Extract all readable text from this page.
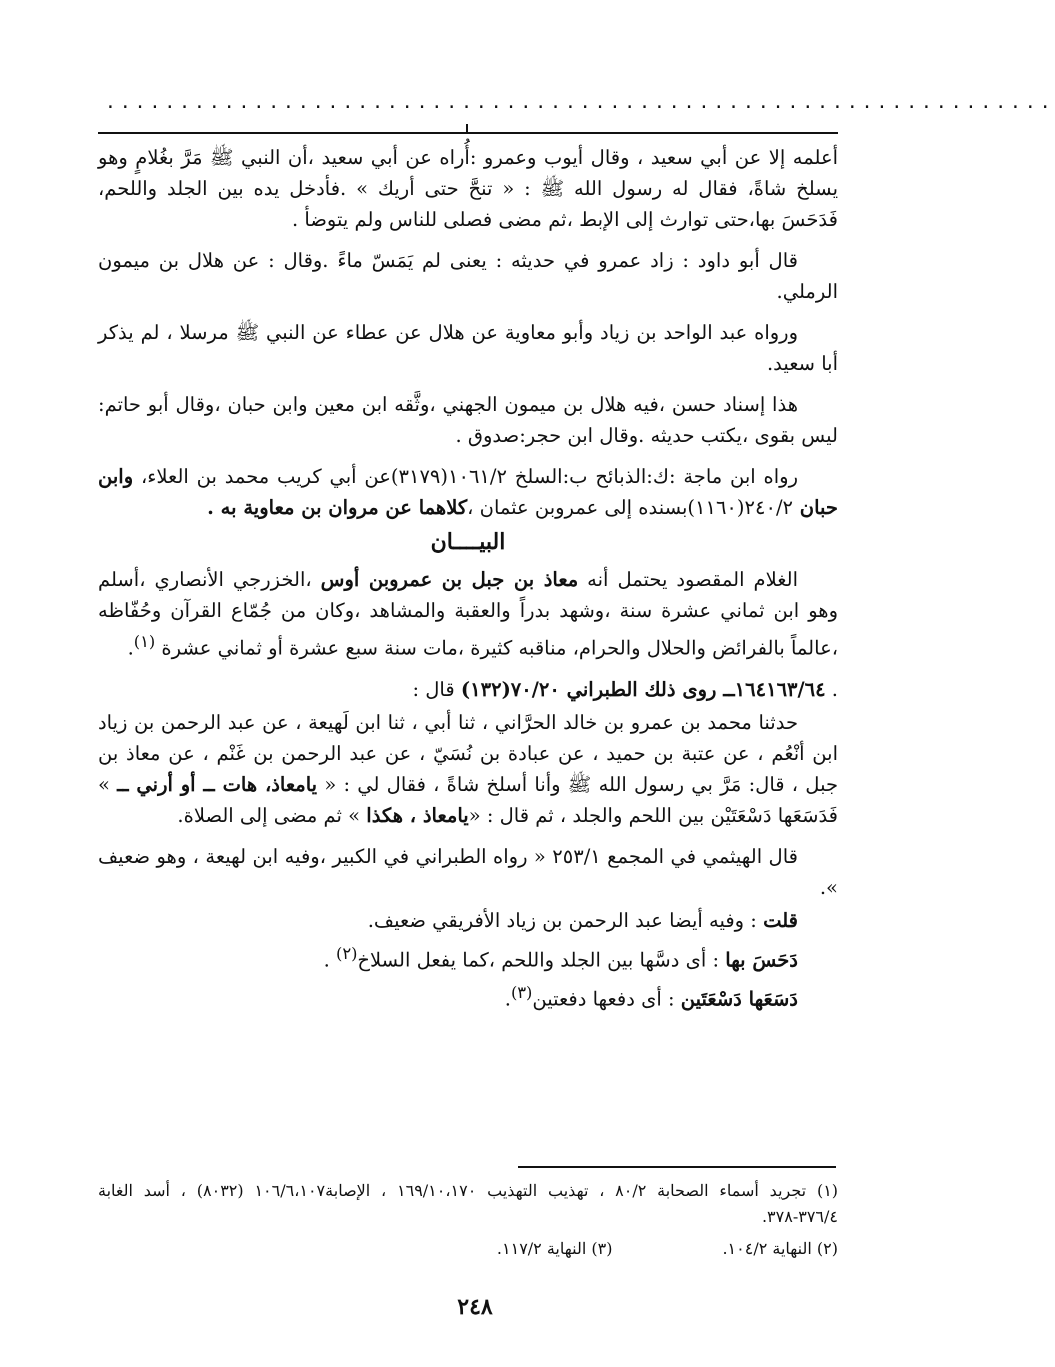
................................................................

أعلمه إلا عن أبي سعيد ، وقال أيوب وعمرو :أُراه عن أبي سعيد ،أن النبي ﷺ مَرَّ بغُلامٍ وهو يسلخ شاةً، فقال له رسول الله ﷺ : « تنحَّ حتى أريك » .فأدخل يده بين الجلد واللحم، فَدَحَسَ بها،حتى توارث إلى الإبط ،ثم مضى فصلى للناس ولم يتوضأ .

قال أبو داود : زاد عمرو في حديثه : يعنى لم يَمَسّ ماءً .وقال : عن هلال بن ميمون الرملي.

ورواه عبد الواحد بن زياد وأبو معاوية عن هلال عن عطاء عن النبي ﷺ مرسلا ، لم يذكر أبا سعيد.

هذا إسناد حسن ،فيه هلال بن ميمون الجهني ،وثَّقه ابن معين وابن حبان ،وقال أبو حاتم: ليس بقوى ،يكتب حديثه .وقال ابن حجر:صدوق .

رواه ابن ماجة :ك:الذبائح ب:السلخ ١٠٦١/٢(٣١٧٩)عن أبي كريب محمد بن العلاء، وابن حبان ٢٤٠/٢(١١٦٠)بسنده إلى عمروبن عثمان ،كلاهما عن مروان بن معاوية به .

البيــــان

الغلام المقصود يحتمل أنه معاذ بن جبل بن عمروبن أوس ،الخزرجي الأنصاري ،أسلم وهو ابن ثماني عشرة سنة ،وشهد بدراً والعقبة والمشاهد ،وكان من جُمّاع القرآن وحُفّاظه ،عالماً بالفرائض والحلال والحرام، مناقبه كثيرة ،مات سنة سبع عشرة أو ثماني عشرة $^{(١)}$.

. ١٦٤١٦٣/٦٤ــ روى ذلك الطبراني ٧٠/٢٠(١٣٢) قال :

حدثنا محمد بن عمرو بن خالد الحرَّاني ، ثنا أبي ، ثنا ابن لَهيعة ، عن عبد الرحمن بن زياد ابن أنْعُم ، عن عتبة بن حميد ، عن عبادة بن نُسَيّ ، عن عبد الرحمن بن غَنْم ، عن معاذ بن جبل ، قال: مَرَّ بي رسول الله ﷺ وأنا أسلخ شاةً ، فقال لي : « يامعاذ، هات ــ أو أرني ــ » فَدَسَعَها دَسْعَتَيْن بين اللحم والجلد ، ثم قال : «يامعاذ ، هكذا » ثم مضى إلى الصلاة.

قال الهيثمي في المجمع ٢٥٣/١ « رواه الطبراني في الكبير ،وفيه ابن لهيعة ، وهو ضعيف ».

قلت : وفيه أيضا عبد الرحمن بن زياد الأفريقي ضعيف.

دَحَسَ بها : أى دسَّها بين الجلد واللحم ،كما يفعل السلاخ$^{(٢)}$ .

دَسَعَها دَسْعَتَين : أى دفعها دفعتين$^{(٣)}$.

(١) تجريد أسماء الصحابة ٨٠/٢ ، تهذيب التهذيب ١٦٩/١٠،١٧٠ ، الإصابة١٠٦/٦،١٠٧ (٨٠٣٢) ، أسد الغابة ٣٧٦/٤-٣٧٨.

(٢) النهاية ١٠٤/٢.
(٣) النهاية ١١٧/٢.
٢٤٨
